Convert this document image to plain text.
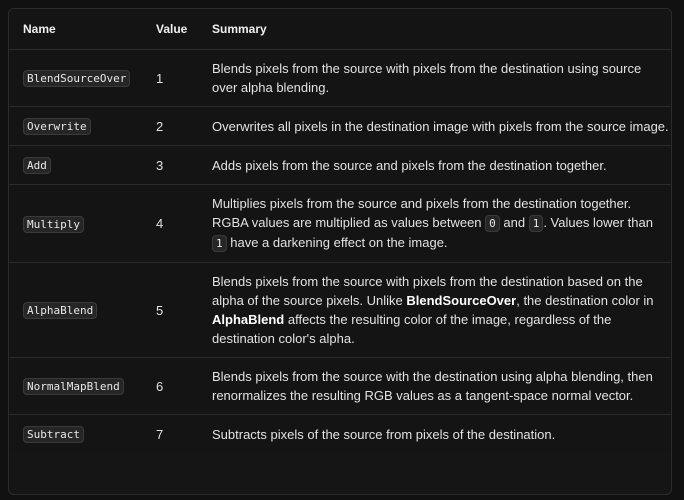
Name	Value	Summary
BlendSourceOver	1	Blends pixels from the source with pixels from the destination using source over alpha blending.
Overwrite	2	Overwrites all pixels in the destination image with pixels from the source image.
Add	3	Adds pixels from the source and pixels from the destination together.
Multiply	4	Multiplies pixels from the source and pixels from the destination together. RGBA values are multiplied as values between 0 and 1 . Values lower than 1 have a darkening effect on the image.
AlphaBlend	5	Blends pixels from the source with pixels from the destination based on the alpha of the source pixels. Unlike BlendSourceOver, the destination color in AlphaBlend affects the resulting color of the image, regardless of the destination color's alpha.
NormalMapBlend	6	Blends pixels from the source with the destination using alpha blending, then renormalizes the resulting RGB values as a tangent-space normal vector.
Subtract	7	Subtracts pixels of the source from pixels of the destination.
